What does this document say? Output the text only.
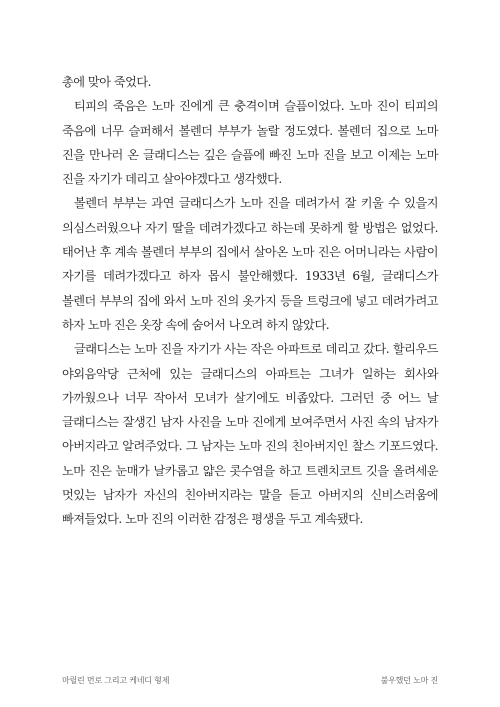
총에 맞아 죽었다.

티피의 죽음은 노마 진에게 큰 충격이며 슬픔이었다. 노마 진이 티피의 죽음에 너무 슬퍼해서 볼렌더 부부가 놀랄 정도였다. 볼렌더 집으로 노마 진을 만나러 온 글래디스는 깊은 슬픔에 빠진 노마 진을 보고 이제는 노마 진을 자기가 데리고 살아야겠다고 생각했다.

볼렌더 부부는 과연 글래디스가 노마 진을 데려가서 잘 키울 수 있을지 의심스러웠으나 자기 딸을 데려가겠다고 하는데 못하게 할 방법은 없었다. 태어난 후 계속 볼렌더 부부의 집에서 살아온 노마 진은 어머니라는 사람이 자기를 데려가겠다고 하자 몹시 불안해했다. 1933년 6월, 글래디스가 볼렌더 부부의 집에 와서 노마 진의 옷가지 등을 트렁크에 넣고 데려가려고 하자 노마 진은 옷장 속에 숨어서 나오려 하지 않았다.

글래디스는 노마 진을 자기가 사는 작은 아파트로 데리고 갔다. 할리우드 야외음악당 근처에 있는 글래디스의 아파트는 그녀가 일하는 회사와 가까웠으나 너무 작아서 모녀가 살기에도 비좁았다. 그러던 중 어느 날 글래디스는 잘생긴 남자 사진을 노마 진에게 보여주면서 사진 속의 남자가 아버지라고 알려주었다. 그 남자는 노마 진의 친아버지인 찰스 기포드였다. 노마 진은 눈매가 날카롭고 얇은 콧수염을 하고 트렌치코트 깃을 올려세운 멋있는 남자가 자신의 친아버지라는 말을 듣고 아버지의 신비스러움에 빠져들었다. 노마 진의 이러한 감정은 평생을 두고 계속됐다.

마릴린 먼로 그리고 케네디 형제	불우했던 노마 진
